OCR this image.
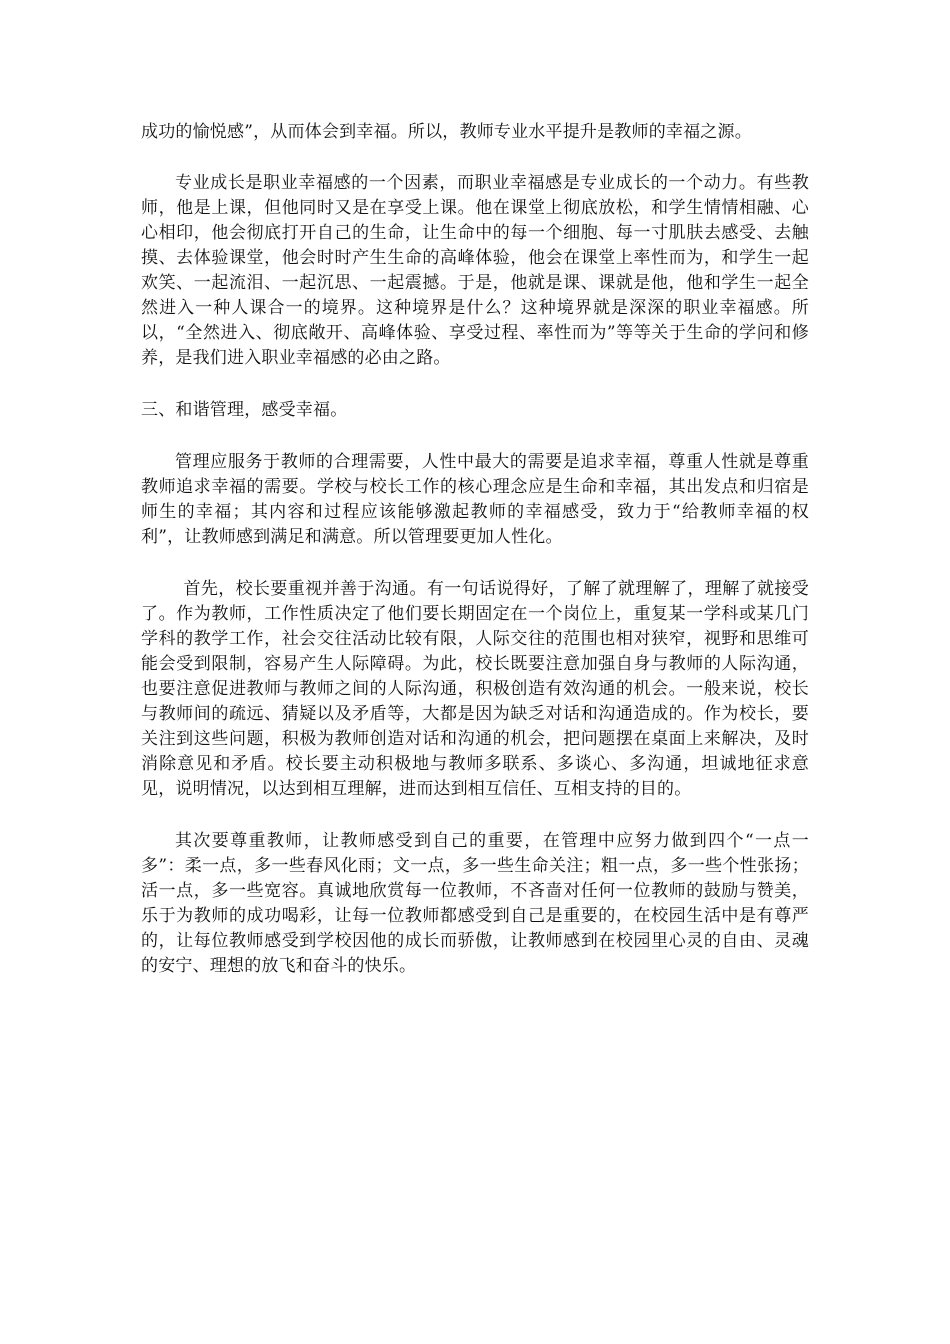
成功的愉悦感”，从而体会到幸福。所以，教师专业水平提升是教师的幸福之源。

专业成长是职业幸福感的一个因素，而职业幸福感是专业成长的一个动力。有些教师，他是上课，但他同时又是在享受上课。他在课堂上彻底放松，和学生情情相融、心心相印，他会彻底打开自己的生命，让生命中的每一个细胞、每一寸肌肤去感受、去触摸、去体验课堂，他会时时产生生命的高峰体验，他会在课堂上率性而为，和学生一起欢笑、一起流泪、一起沉思、一起震撼。于是，他就是课、课就是他，他和学生一起全然进入一种人课合一的境界。这种境界是什么？这种境界就是深深的职业幸福感。所以，“全然进入、彻底敞开、高峰体验、享受过程、率性而为”等等关于生命的学问和修养，是我们进入职业幸福感的必由之路。

三、和谐管理，感受幸福。

管理应服务于教师的合理需要，人性中最大的需要是追求幸福，尊重人性就是尊重教师追求幸福的需要。学校与校长工作的核心理念应是生命和幸福，其出发点和归宿是师生的幸福；其内容和过程应该能够激起教师的幸福感受，致力于“给教师幸福的权利”，让教师感到满足和满意。所以管理要更加人性化。

首先，校长要重视并善于沟通。有一句话说得好，了解了就理解了，理解了就接受了。作为教师，工作性质决定了他们要长期固定在一个岗位上，重复某一学科或某几门学科的教学工作，社会交往活动比较有限，人际交往的范围也相对狭窄，视野和思维可能会受到限制，容易产生人际障碍。为此，校长既要注意加强自身与教师的人际沟通，也要注意促进教师与教师之间的人际沟通，积极创造有效沟通的机会。一般来说，校长与教师间的疏远、猜疑以及矛盾等，大都是因为缺乏对话和沟通造成的。作为校长，要关注到这些问题，积极为教师创造对话和沟通的机会，把问题摆在桌面上来解决，及时消除意见和矛盾。校长要主动积极地与教师多联系、多谈心、多沟通，坦诚地征求意见，说明情况，以达到相互理解，进而达到相互信任、互相支持的目的。

其次要尊重教师，让教师感受到自己的重要，在管理中应努力做到四个“一点一多”：柔一点，多一些春风化雨；文一点，多一些生命关注；粗一点，多一些个性张扬；活一点，多一些宽容。真诚地欣赏每一位教师，不吝啬对任何一位教师的鼓励与赞美，乐于为教师的成功喝彩，让每一位教师都感受到自己是重要的，在校园生活中是有尊严的，让每位教师感受到学校因他的成长而骄傲，让教师感到在校园里心灵的自由、灵魂的安宁、理想的放飞和奋斗的快乐。
